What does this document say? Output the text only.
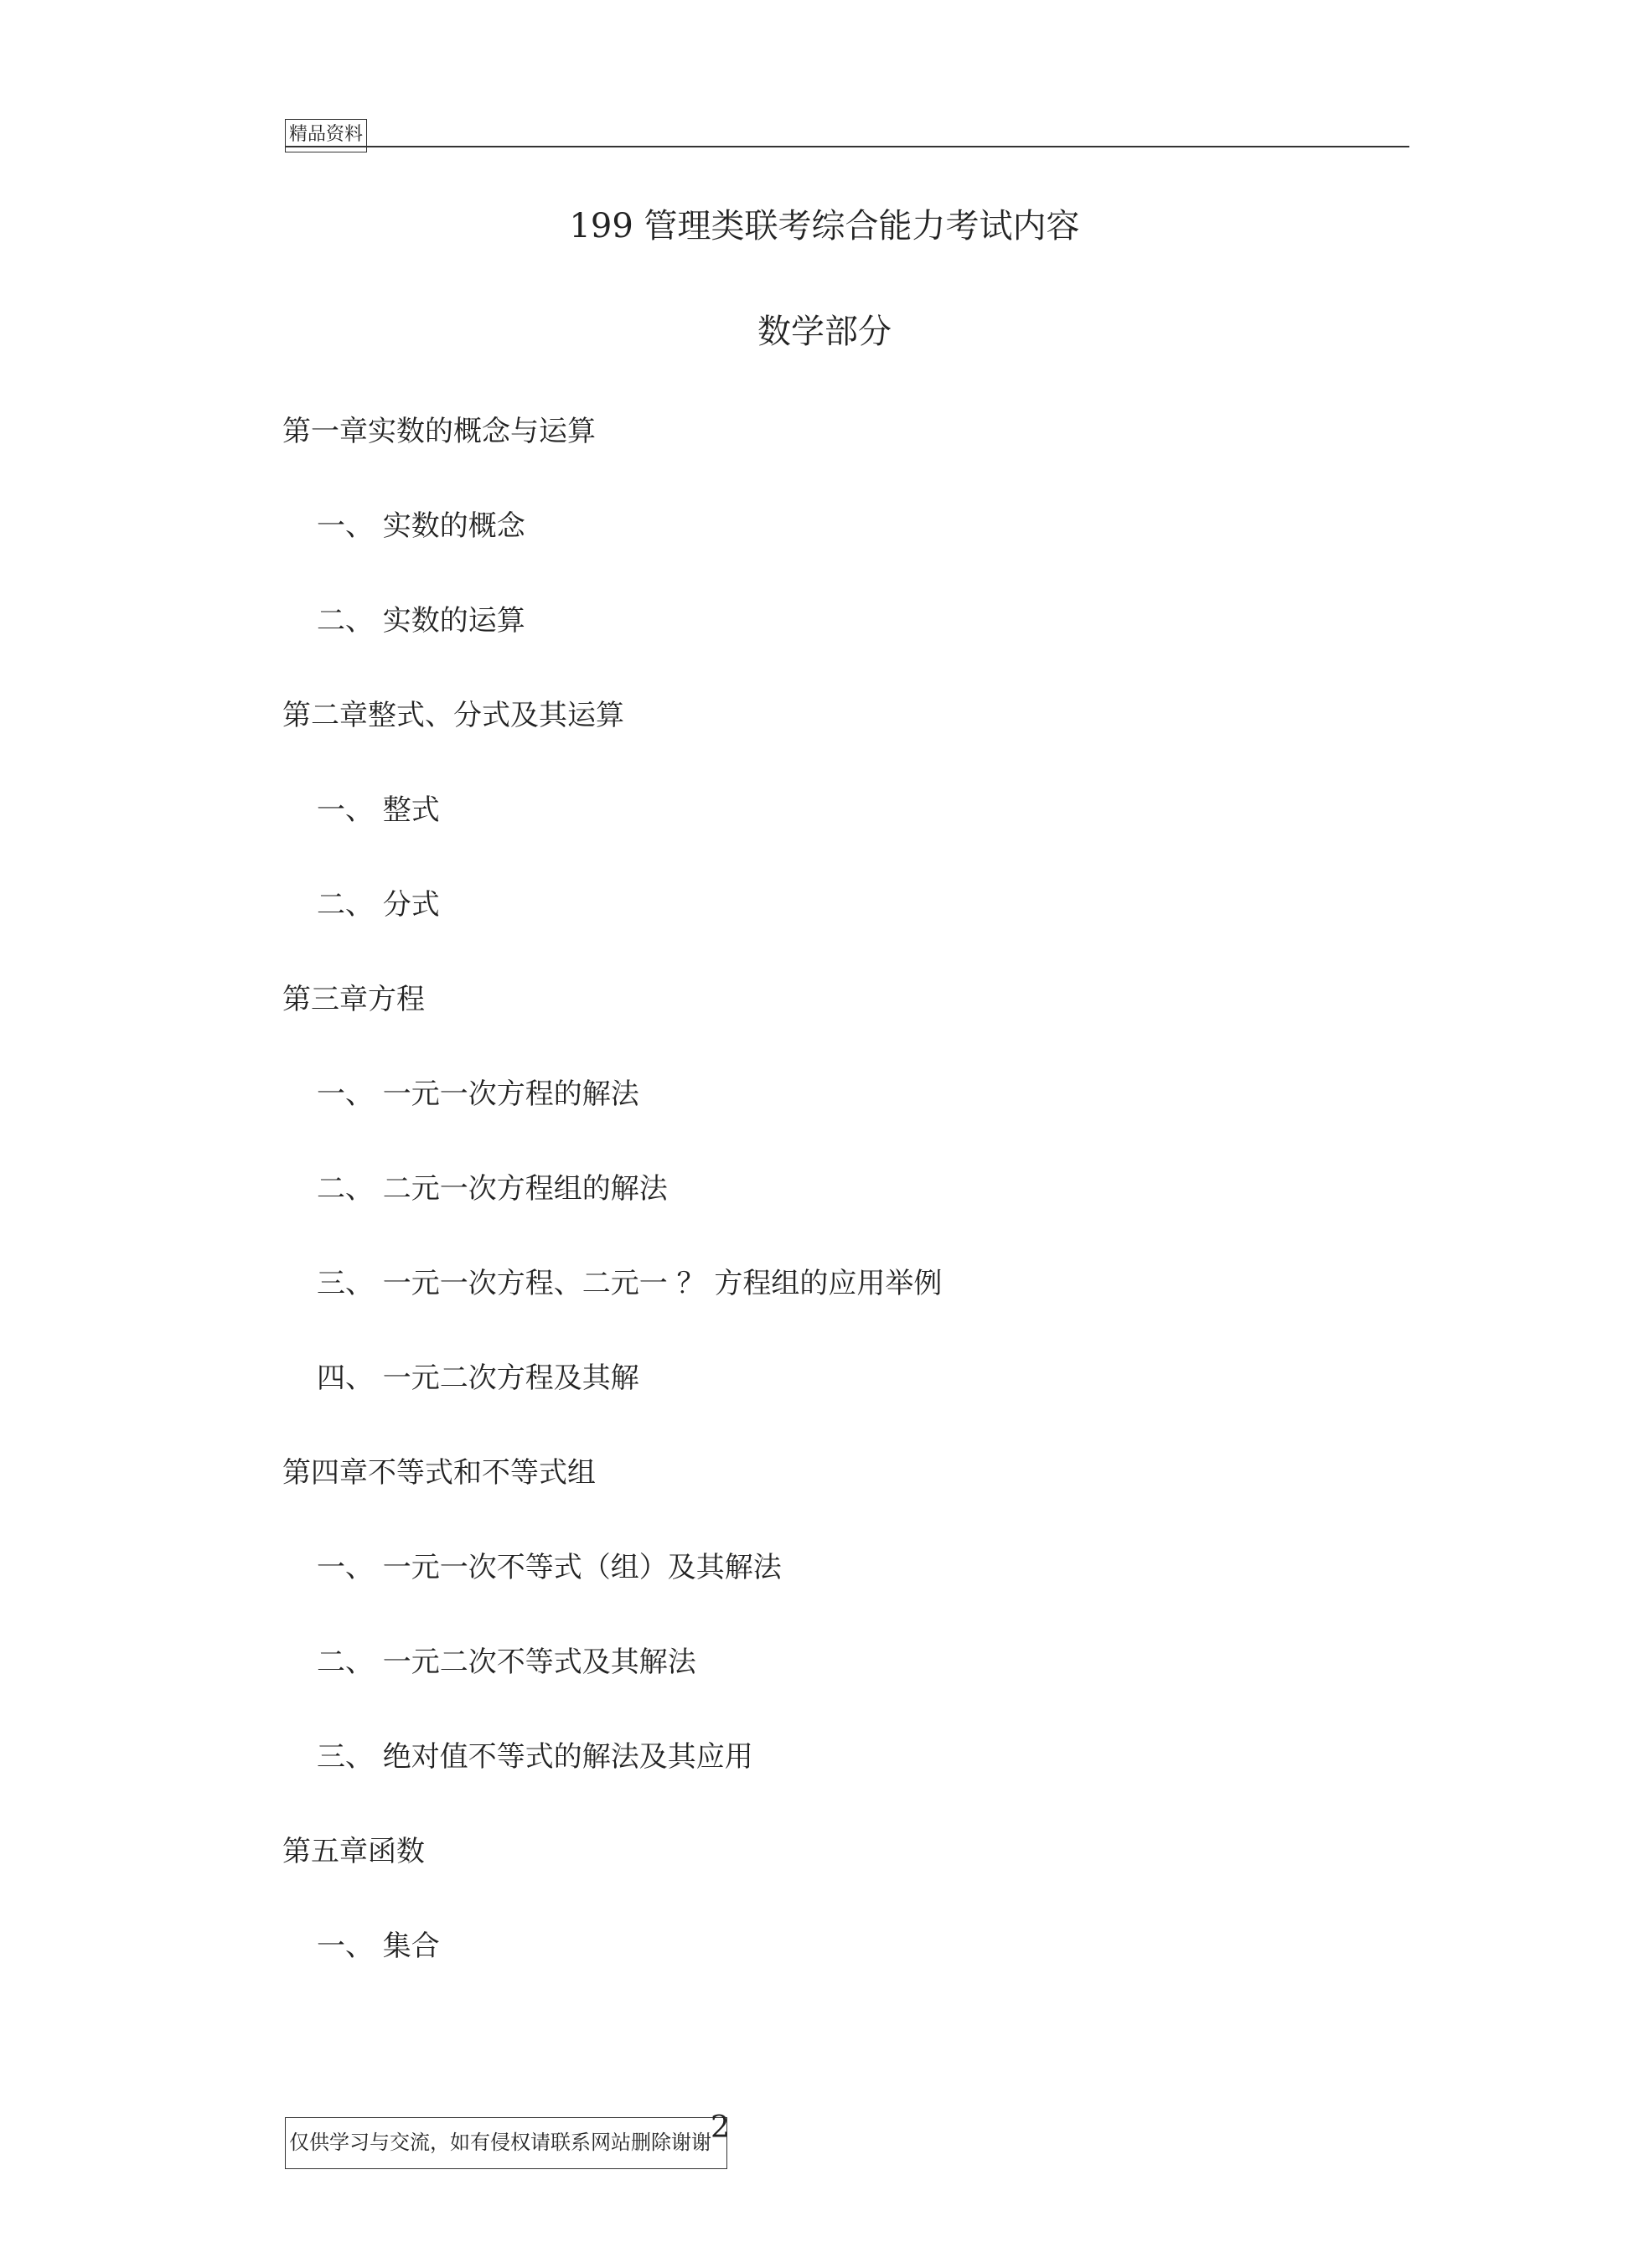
精品资料
199 管理类联考综合能力考试内容
数学部分
第一章实数的概念与运算
一、 实数的概念
二、 实数的运算
第二章整式、分式及其运算
一、 整式
二、 分式
第三章方程
一、 一元一次方程的解法
二、 二元一次方程组的解法
三、 一元一次方程、二元一 ？ 方程组的应用举例
四、 一元二次方程及其解
第四章不等式和不等式组
一、 一元一次不等式（组）及其解法
二、 一元二次不等式及其解法
三、 绝对值不等式的解法及其应用
第五章函数
一、 集合
仅供学习与交流，如有侵权请联系网站删除谢谢 2
